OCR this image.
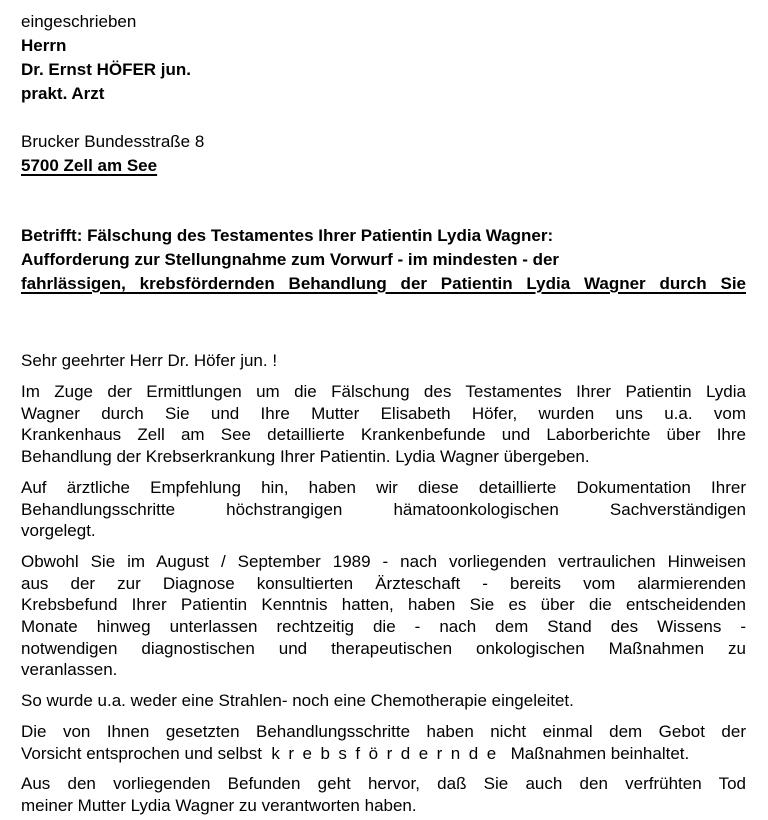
eingeschrieben
Herrn
Dr. Ernst HÖFER jun.
prakt. Arzt
Brucker Bundesstraße 8
5700 Zell am See
Betrifft: Fälschung des Testamentes Ihrer Patientin Lydia Wagner:
Aufforderung zur Stellungnahme zum Vorwurf - im mindesten - der
fahrlässigen, krebsfördernden Behandlung der Patientin Lydia Wagner durch Sie
Sehr geehrter Herr Dr. Höfer jun. !
Im Zuge der Ermittlungen um die Fälschung des Testamentes Ihrer Patientin Lydia
Wagner durch Sie und Ihre Mutter Elisabeth Höfer, wurden uns u.a. vom
Krankenhaus Zell am See detaillierte Krankenbefunde und Laborberichte über Ihre
Behandlung der Krebserkrankung Ihrer Patientin. Lydia Wagner übergeben.
Auf ärztliche Empfehlung hin, haben wir diese detaillierte Dokumentation Ihrer
Behandlungsschritte höchstrangigen hämatoonkologischen Sachverständigen
vorgelegt.
Obwohl Sie im August / September 1989 - nach vorliegenden vertraulichen Hinweisen
aus der zur Diagnose konsultierten Ärzteschaft - bereits vom alarmierenden
Krebsbefund Ihrer Patientin Kenntnis hatten, haben Sie es über die entscheidenden
Monate hinweg unterlassen rechtzeitig die - nach dem Stand des Wissens -
notwendigen diagnostischen und therapeutischen onkologischen Maßnahmen zu
veranlassen.
So wurde u.a. weder eine Strahlen- noch eine Chemotherapie eingeleitet.
Die von Ihnen gesetzten Behandlungsschritte haben nicht einmal dem Gebot der
Vorsicht entsprochen und selbst krebsfördernde Maßnahmen beinhaltet.
Aus den vorliegenden Befunden geht hervor, daß Sie auch den verfrühten Tod
meiner Mutter Lydia Wagner zu verantworten haben.
